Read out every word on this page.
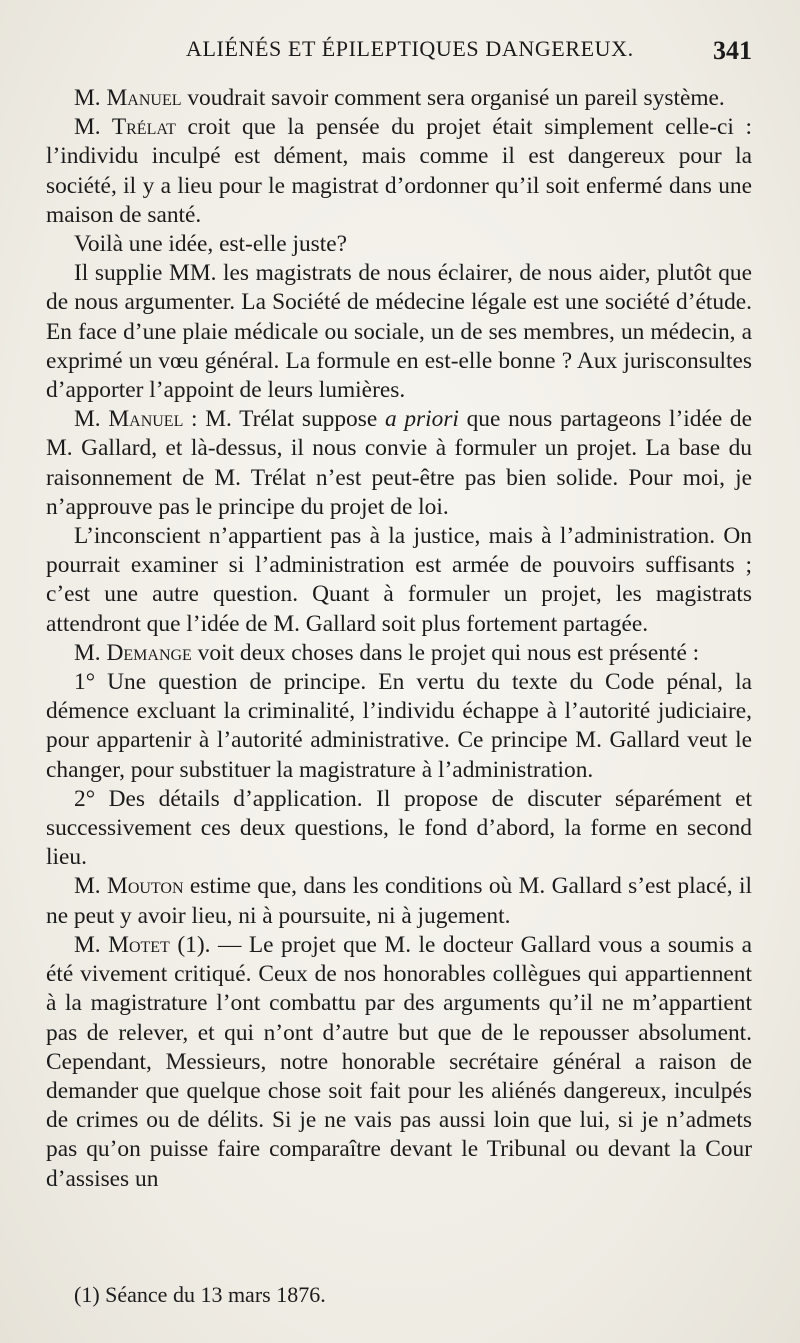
ALIÉNÉS ET ÉPILEPTIQUES DANGEREUX.	341

M. Manuel voudrait savoir comment sera organisé un pareil système.

M. Trélat croit que la pensée du projet était simplement celle-ci : l’individu inculpé est dément, mais comme il est dangereux pour la société, il y a lieu pour le magistrat d’ordonner qu’il soit enfermé dans une maison de santé.

Voilà une idée, est-elle juste?

Il supplie MM. les magistrats de nous éclairer, de nous aider, plutôt que de nous argumenter. La Société de médecine légale est une société d’étude. En face d’une plaie médicale ou sociale, un de ses membres, un médecin, a exprimé un vœu général. La formule en est-elle bonne ? Aux jurisconsultes d’apporter l’appoint de leurs lumières.

M. Manuel : M. Trélat suppose a priori que nous partageons l’idée de M. Gallard, et là-dessus, il nous convie à formuler un projet. La base du raisonnement de M. Trélat n’est peut-être pas bien solide. Pour moi, je n’approuve pas le principe du projet de loi.

L’inconscient n’appartient pas à la justice, mais à l’administration. On pourrait examiner si l’administration est armée de pouvoirs suffisants ; c’est une autre question. Quant à formuler un projet, les magistrats attendront que l’idée de M. Gallard soit plus fortement partagée.

M. Demange voit deux choses dans le projet qui nous est présenté :

1° Une question de principe. En vertu du texte du Code pénal, la démence excluant la criminalité, l’individu échappe à l’autorité judiciaire, pour appartenir à l’autorité administrative. Ce principe M. Gallard veut le changer, pour substituer la magistrature à l’administration.

2° Des détails d’application. Il propose de discuter séparément et successivement ces deux questions, le fond d’abord, la forme en second lieu.

M. Mouton estime que, dans les conditions où M. Gallard s’est placé, il ne peut y avoir lieu, ni à poursuite, ni à jugement.

M. Motet (1). — Le projet que M. le docteur Gallard vous a soumis a été vivement critiqué. Ceux de nos honorables collègues qui appartiennent à la magistrature l’ont combattu par des arguments qu’il ne m’appartient pas de relever, et qui n’ont d’autre but que de le repousser absolument. Cependant, Messieurs, notre honorable secrétaire général a raison de demander que quelque chose soit fait pour les aliénés dangereux, inculpés de crimes ou de délits. Si je ne vais pas aussi loin que lui, si je n’admets pas qu’on puisse faire comparaître devant le Tribunal ou devant la Cour d’assises un

(1) Séance du 13 mars 1876.
